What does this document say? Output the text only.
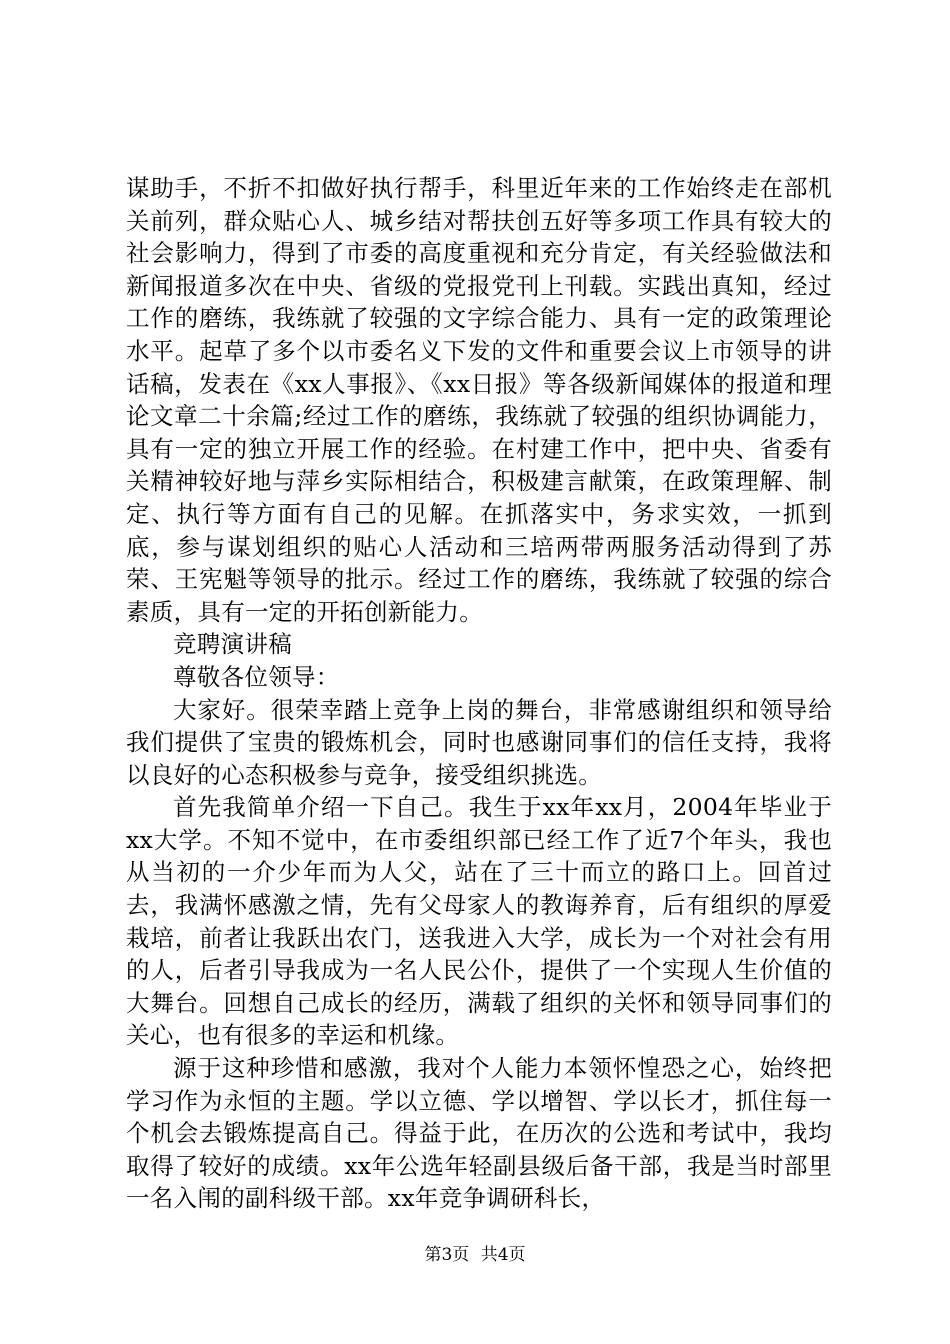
谋助手，不折不扣做好执行帮手，科里近年来的工作始终走在部机关前列，群众贴心人、城乡结对帮扶创五好等多项工作具有较大的社会影响力，得到了市委的高度重视和充分肯定，有关经验做法和新闻报道多次在中央、省级的党报党刊上刊载。实践出真知，经过工作的磨练，我练就了较强的文字综合能力、具有一定的政策理论水平。起草了多个以市委名义下发的文件和重要会议上市领导的讲话稿，发表在《xx人事报》、《xx日报》等各级新闻媒体的报道和理论文章二十余篇;经过工作的磨练，我练就了较强的组织协调能力，具有一定的独立开展工作的经验。在村建工作中，把中央、省委有关精神较好地与萍乡实际相结合，积极建言献策，在政策理解、制定、执行等方面有自己的见解。在抓落实中，务求实效，一抓到底，参与谋划组织的贴心人活动和三培两带两服务活动得到了苏荣、王宪魁等领导的批示。经过工作的磨练，我练就了较强的综合素质，具有一定的开拓创新能力。

竞聘演讲稿

尊敬各位领导：

大家好。很荣幸踏上竞争上岗的舞台，非常感谢组织和领导给我们提供了宝贵的锻炼机会，同时也感谢同事们的信任支持，我将以良好的心态积极参与竞争，接受组织挑选。

首先我简单介绍一下自己。我生于xx年xx月，2004年毕业于xx大学。不知不觉中，在市委组织部已经工作了近7个年头，我也从当初的一介少年而为人父，站在了三十而立的路口上。回首过去，我满怀感激之情，先有父母家人的教诲养育，后有组织的厚爱栽培，前者让我跃出农门，送我进入大学，成长为一个对社会有用的人，后者引导我成为一名人民公仆，提供了一个实现人生价值的大舞台。回想自己成长的经历，满载了组织的关怀和领导同事们的关心，也有很多的幸运和机缘。

源于这种珍惜和感激，我对个人能力本领怀惶恐之心，始终把学习作为永恒的主题。学以立德、学以增智、学以长才，抓住每一个机会去锻炼提高自己。得益于此，在历次的公选和考试中，我均取得了较好的成绩。xx年公选年轻副县级后备干部，我是当时部里一名入闱的副科级干部。xx年竞争调研科长，

第3页 共4页
